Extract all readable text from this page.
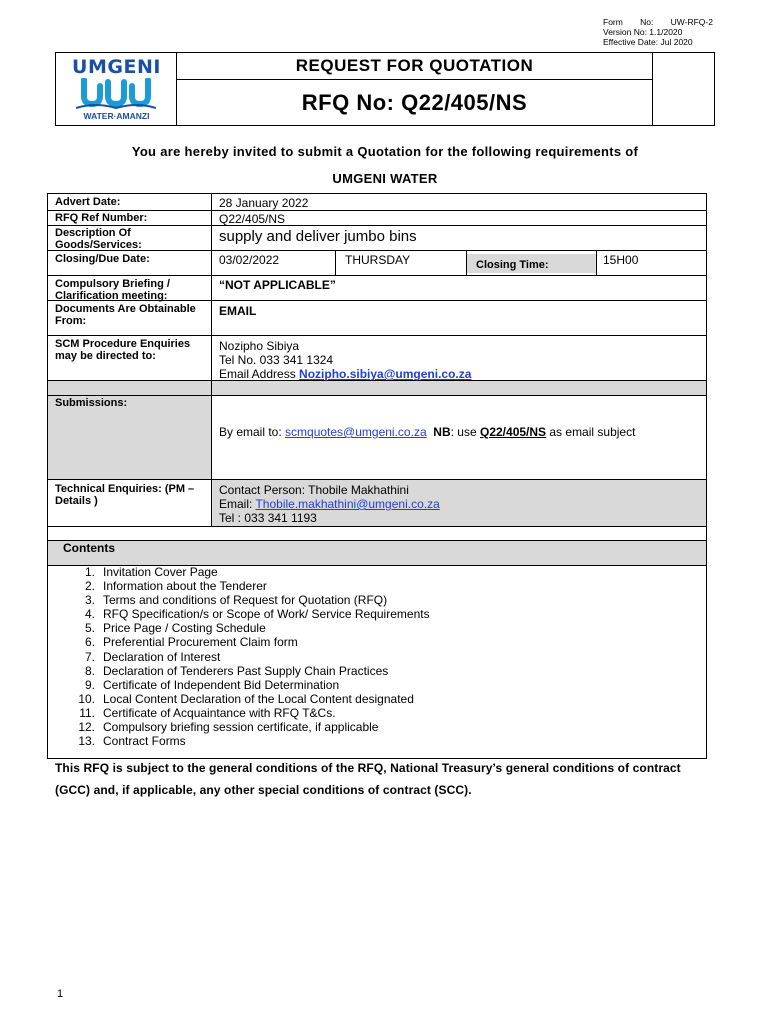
UMGENI
WATER·AMANZI
REQUEST FOR QUOTATION
RFQ No: Q22/405/NS
Form No: UW-RFQ-2
Version No: 1.1/2020
Effective Date: Jul 2020
You are hereby invited to submit a Quotation for the following requirements of
UMGENI WATER
Advert Date:	28 January 2022
RFQ Ref Number:	Q22/405/NS
Description Of Goods/Services:	supply and deliver jumbo bins
Closing/Due Date:	03/02/2022	THURSDAY	Closing Time:	15H00
Compulsory Briefing / Clarification meeting:
“NOT APPLICABLE”
Documents Are Obtainable From:
EMAIL
SCM Procedure Enquiries may be directed to:
Nozipho Sibiya
Tel No. 033 341 1324
Email Address Nozipho.sibiya@umgeni.co.za
Submissions:
By email to: scmquotes@umgeni.co.za NB: use Q22/405/NS as email subject
Technical Enquiries: (PM – Details )
Contact Person: Thobile Makhathini
Email: Thobile.makhathini@umgeni.co.za
Tel : 033 341 1193
Contents
1. Invitation Cover Page
2. Information about the Tenderer
3. Terms and conditions of Request for Quotation (RFQ)
4. RFQ Specification/s or Scope of Work/ Service Requirements
5. Price Page / Costing Schedule
6. Preferential Procurement Claim form
7. Declaration of Interest
8. Declaration of Tenderers Past Supply Chain Practices
9. Certificate of Independent Bid Determination
10. Local Content Declaration of the Local Content designated
11. Certificate of Acquaintance with RFQ T&Cs.
12. Compulsory briefing session certificate, if applicable
13. Contract Forms
This RFQ is subject to the general conditions of the RFQ, National Treasury’s general conditions of contract
(GCC) and, if applicable, any other special conditions of contract (SCC).
1
